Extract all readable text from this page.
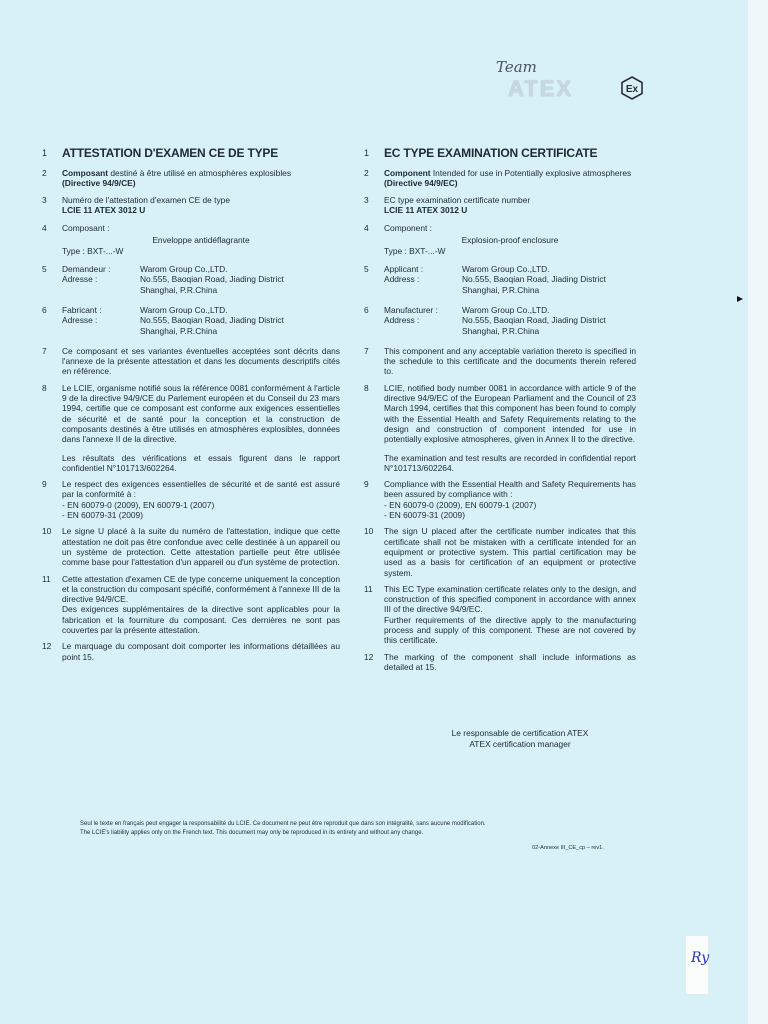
Team
ATEX	Ex
1	ATTESTATION D'EXAMEN CE DE TYPE
2	Composant destiné à être utilisé en atmosphères explosibles
(Directive 94/9/CE)
3	Numéro de l'attestation d'examen CE de type
LCIE 11 ATEX 3012 U
4	Composant :
Enveloppe antidéflagrante
Type : BXT-...-W
5	Demandeur :	Warom Group Co.,LTD.
Adresse :	No.555, Baoqian Road, Jiading District
Shanghai, P.R.China
6	Fabricant :	Warom Group Co.,LTD.
Adresse :	No.555, Baoqian Road, Jiading District
Shanghai, P.R.China
7	Ce composant et ses variantes éventuelles acceptées sont décrits dans l'annexe de la présente attestation et dans les documents descriptifs cités en référence.
8	Le LCIE, organisme notifié sous la référence 0081 conformément à l'article 9 de la directive 94/9/CE du Parlement européen et du Conseil du 23 mars 1994, certifie que ce composant est conforme aux exigences essentielles de sécurité et de santé pour la conception et la construction de composants destinés à être utilisés en atmosphères explosibles, données dans l'annexe II de la directive.
Les résultats des vérifications et essais figurent dans le rapport confidentiel N°101713/602264.
9	Le respect des exigences essentielles de sécurité et de santé est assuré par la conformité à :
- EN 60079-0 (2009), EN 60079-1 (2007)
- EN 60079-31 (2009)
10	Le signe U placé à la suite du numéro de l'attestation, indique que cette attestation ne doit pas être confondue avec celle destinée à un appareil ou un système de protection. Cette attestation partielle peut être utilisée comme base pour l'attestation d'un appareil ou d'un système de protection.
11	Cette attestation d'examen CE de type concerne uniquement la conception et la construction du composant spécifié, conformément à l'annexe III de la directive 94/9/CE.
Des exigences supplémentaires de la directive sont applicables pour la fabrication et la fourniture du composant. Ces dernières ne sont pas couvertes par la présente attestation.
12	Le marquage du composant doit comporter les informations détaillées au point 15.
1	EC TYPE EXAMINATION CERTIFICATE
2	Component Intended for use in Potentially explosive atmospheres (Directive 94/9/EC)
3	EC type examination certificate number
LCIE 11 ATEX 3012 U
4	Component :
Explosion-proof enclosure
Type : BXT-...-W
5	Applicant :	Warom Group Co.,LTD.
Address :	No.555, Baoqian Road, Jiading District
Shanghai, P.R.China
6	Manufacturer :	Warom Group Co.,LTD.
Address :	No.555, Baoqian Road, Jiading District
Shanghai, P.R.China
7	This component and any acceptable variation thereto is specified in the schedule to this certificate and the documents therein refered to.
8	LCIE, notified body number 0081 in accordance with article 9 of the directive 94/9/EC of the European Parliament and the Council of 23 March 1994, certifies that this component has been found to comply with the Essential Health and Safety Requirements relating to the design and construction of component intended for use in potentially explosive atmospheres, given in Annex II to the directive.
The examination and test results are recorded in confidential report N°101713/602264.
9	Compliance with the Essential Health and Safety Requirements has been assured by compliance with :
- EN 60079-0 (2009), EN 60079-1 (2007)
- EN 60079-31 (2009)
10	The sign U placed after the certificate number indicates that this certificate shall not be mistaken with a certificate intended for an equipment or protective system. This partial certification may be used as a basis for certification of an equipment or protective system.
11	This EC Type examination certificate relates only to the design, and construction of this specified component in accordance with annex III of the directive 94/9/EC.
Further requirements of the directive apply to the manufacturing process and supply of this component. These are not covered by this certificate.
12	The marking of the component shall include informations as detailed at 15.
Le responsable de certification ATEX
ATEX certification manager
Seul le texte en français peut engager la responsabilité du LCIE. Ce document ne peut être reproduit que dans son intégralité, sans aucune modification.
The LCIE's liability applies only on the French text. This document may only be reproduced in its entirety and without any change.
02-Annexe III_CE_cp – rev1.
Ry
